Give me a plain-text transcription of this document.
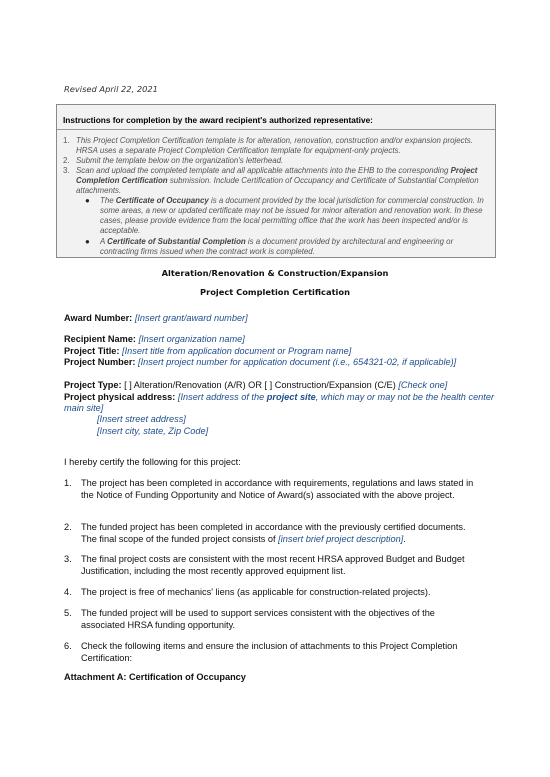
Revised April 22, 2021
Instructions for completion by the award recipient's authorized representative:
1. This Project Completion Certification template is for alteration, renovation, construction and/or expansion projects. HRSA uses a separate Project Completion Certification template for equipment-only projects.
2. Submit the template below on the organization's letterhead.
3. Scan and upload the completed template and all applicable attachments into the EHB to the corresponding Project Completion Certification submission. Include Certification of Occupancy and Certificate of Substantial Completion attachments.
●	The Certificate of Occupancy is a document provided by the local jurisdiction for commercial construction. In some areas, a new or updated certificate may not be issued for minor alteration and renovation work. In these cases, please provide evidence from the local permitting office that the work has been inspected and/or is acceptable.
●	A Certificate of Substantial Completion is a document provided by architectural and engineering or contracting firms issued when the contract work is completed.
Alteration/Renovation & Construction/Expansion
Project Completion Certification
Award Number: [Insert grant/award number]
Recipient Name: [Insert organization name]
Project Title: [Insert title from application document or Program name]
Project Number: [Insert project number for application document (i.e., 654321-02, if applicable)]
Project Type: [ ] Alteration/Renovation (A/R) OR [ ] Construction/Expansion (C/E) [Check one]
Project physical address: [Insert address of the project site, which may or may not be the health center main site]
[Insert street address]
[Insert city, state, Zip Code]
I hereby certify the following for this project:
1.	The project has been completed in accordance with requirements, regulations and laws stated in the Notice of Funding Opportunity and Notice of Award(s) associated with the above project.
2.	The funded project has been completed in accordance with the previously certified documents. The final scope of the funded project consists of [insert brief project description].
3.	The final project costs are consistent with the most recent HRSA approved Budget and Budget Justification, including the most recently approved equipment list.
4.	The project is free of mechanics' liens (as applicable for construction-related projects).
5.	The funded project will be used to support services consistent with the objectives of the associated HRSA funding opportunity.
6.	Check the following items and ensure the inclusion of attachments to this Project Completion Certification:
Attachment A: Certification of Occupancy
